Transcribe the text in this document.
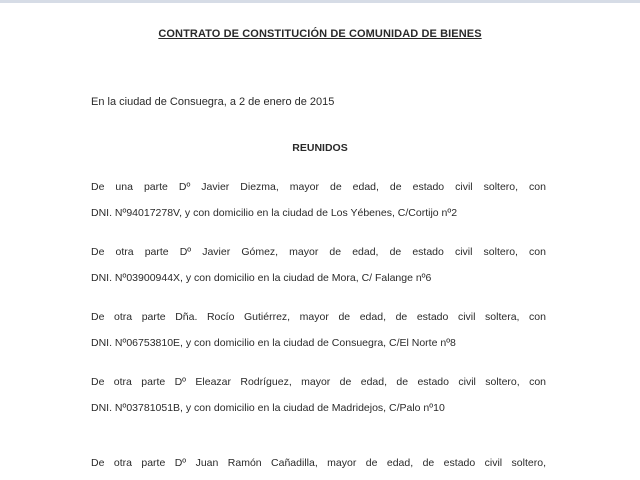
CONTRATO DE CONSTITUCIÓN DE COMUNIDAD DE BIENES
En la ciudad de Consuegra, a 2 de enero de 2015
REUNIDOS

De una parte Dº Javier Diezma, mayor de edad, de estado civil soltero, con
DNI. Nº94017278V, y con domicilio en la ciudad de Los Yébenes, C/Cortijo nº2

De otra parte Dº Javier Gómez, mayor de edad, de estado civil soltero, con
DNI. Nº03900944X, y con domicilio en la ciudad de Mora, C/ Falange nº6

De otra parte Dña. Rocío Gutiérrez, mayor de edad, de estado civil soltera, con
DNI. Nº06753810E, y con domicilio en la ciudad de Consuegra, C/El Norte nº8

De otra parte Dº Eleazar Rodríguez, mayor de edad, de estado civil soltero, con
DNI. Nº03781051B, y con domicilio en la ciudad de Madridejos, C/Palo nº10

De otra parte Dº Juan Ramón Cañadilla, mayor de edad, de estado civil soltero,
